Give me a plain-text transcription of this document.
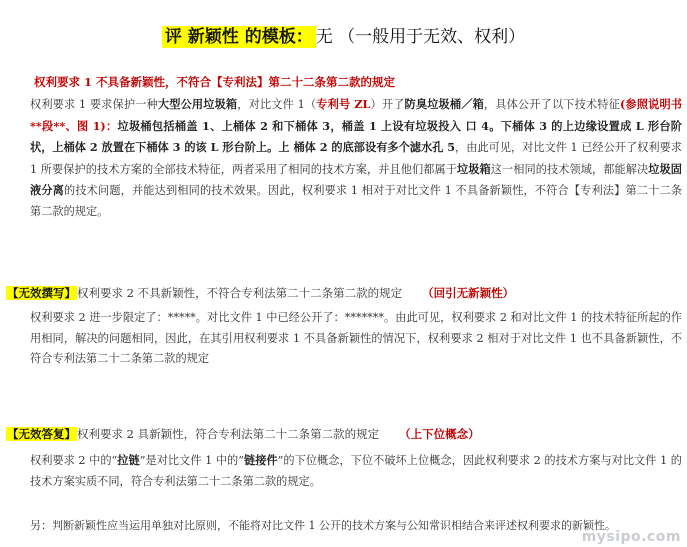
评 新颖性 的模板： 无 （一般用于无效、权利）
权利要求 1 不具备新颖性，不符合【专利法】第二十二条第二款的规定

权利要求 1 要求保护一种大型公用垃圾箱，对比文件 1（专利号 ZL）开了防臭垃圾桶／箱，具体公开了以下技术特征(参照说明书**段**、图 1)：垃圾桶包括桶盖 1、上桶体 2 和下桶体 3，桶盖 1 上设有垃圾投入 口 4。下桶体 3 的上边缘设置成 L 形台阶状，上桶体 2 放置在下桶体 3 的该 L 形台阶上。上 桶体 2 的底部设有多个滤水孔 5，由此可见，对比文件 1 已经公开了权利要求 1 所要保护的技术方案的全部技术特征，两者采用了相同的技术方案，并且他们都属于垃圾箱这一相同的技术领域，都能解决垃圾固液分离的技术问题，并能达到相同的技术效果。因此，权利要求 1 相对于对比文件 1 不具备新颖性，不符合【专利法】第二十二条第二款的规定。

【无效撰写】权利要求 2 不具新颖性，不符合专利法第二十二条第二款的规定 （回引无新颖性）

权利要求 2 进一步限定了：*****。对比文件 1 中已经公开了：*******。由此可见，权利要求 2 和对比文件 1 的技术特征所起的作用相同，解决的问题相同，因此，在其引用权利要求 1 不具备新颖性的情况下，权利要求 2 相对于对比文件 1 也不具备新颖性，不符合专利法第二十二条第二款的规定

【无效答复】权利要求 2 具新颖性，符合专利法第二十二条第二款的规定 （上下位概念）

权利要求 2 中的“拉链”是对比文件 1 中的“链接件”的下位概念，下位不破坏上位概念，因此权利要求 2 的技术方案与对比文件 1 的技术方案实质不同，符合专利法第二十二条第二款的规定。

另：判断新颖性应当运用单独对比原则，不能将对比文件 1 公开的技术方案与公知常识相结合来评述权利要求的新颖性。
mysipo.com
